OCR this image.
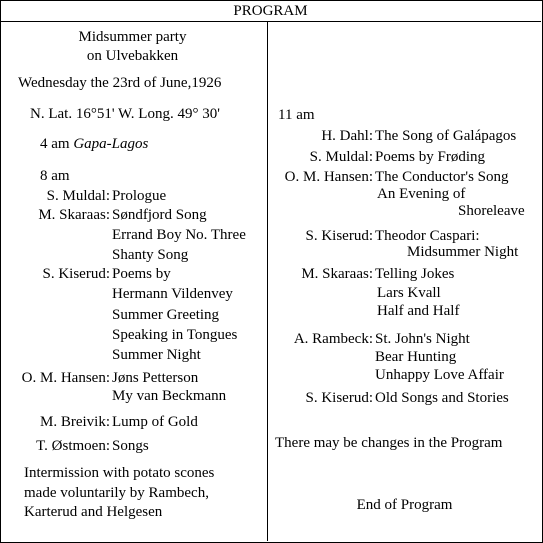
PROGRAM
Midsummer party
on Ulvebakken
Wednesday the 23rd of June,1926
N. Lat. 16°51' W. Long. 49° 30'
4 am Gapa-Lagos
8 am
S. Muldal: Prologue
M. Skaraas: Søndfjord Song
Errand Boy No. Three
Shanty Song
S. Kiserud: Poems by
Hermann Vildenvey
Summer Greeting
Speaking in Tongues
Summer Night
O. M. Hansen: Jøns Petterson
My van Beckmann
M. Breivik: Lump of Gold
T. Østmoen: Songs
Intermission with potato scones
made voluntarily by Rambech,
Karterud and Helgesen
11 am
H. Dahl: The Song of Galápagos
S. Muldal: Poems by Frøding
O. M. Hansen: The Conductor's Song
An Evening of
Shoreleave
S. Kiserud: Theodor Caspari:
Midsummer Night
M. Skaraas: Telling Jokes
Lars Kvall
Half and Half
A. Rambeck: St. John's Night
Bear Hunting
Unhappy Love Affair
S. Kiserud: Old Songs and Stories
There may be changes in the Program
End of Program
